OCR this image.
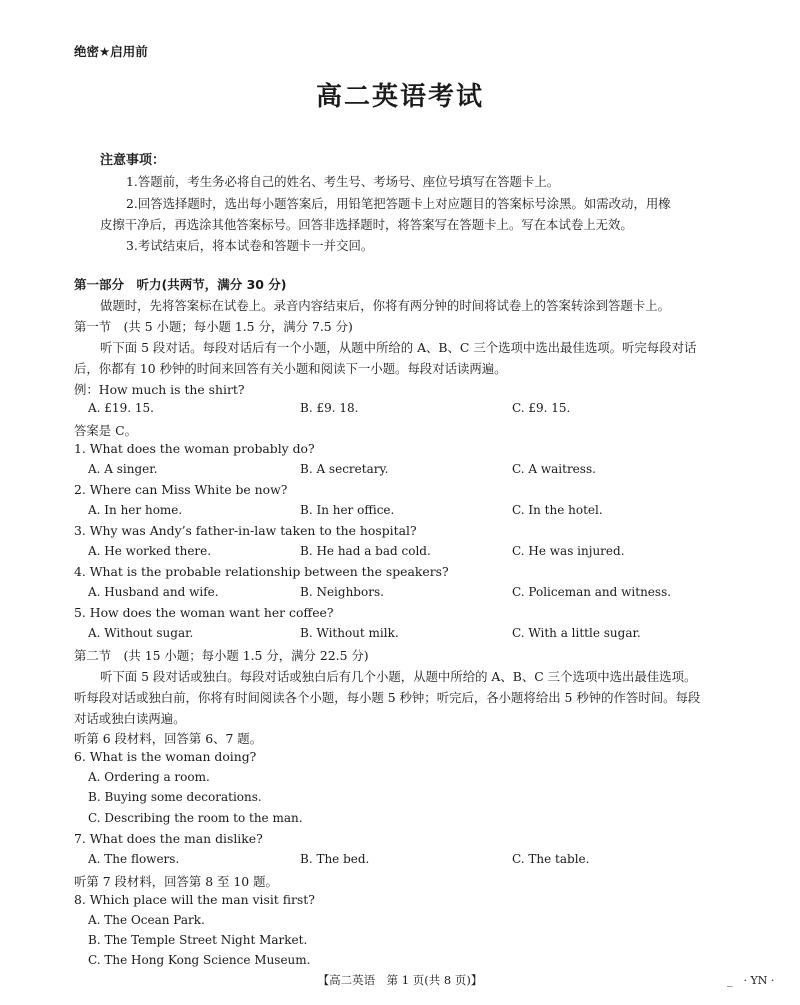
绝密★启用前
高二英语考试
注意事项：
1.答题前，考生务必将自己的姓名、考生号、考场号、座位号填写在答题卡上。
2.回答选择题时，选出每小题答案后，用铅笔把答题卡上对应题目的答案标号涂黑。如需改动，用橡
皮擦干净后，再选涂其他答案标号。回答非选择题时，将答案写在答题卡上。写在本试卷上无效。
3.考试结束后，将本试卷和答题卡一并交回。
第一部分　听力(共两节，满分 30 分)
做题时，先将答案标在试卷上。录音内容结束后，你将有两分钟的时间将试卷上的答案转涂到答题卡上。
第一节　(共 5 小题；每小题 1.5 分，满分 7.5 分)
听下面 5 段对话。每段对话后有一个小题，从题中所给的 A、B、C 三个选项中选出最佳选项。听完每段对话
后，你都有 10 秒钟的时间来回答有关小题和阅读下一小题。每段对话读两遍。
例：How much is the shirt?
A. £19. 15.	B. £9. 18.	C. £9. 15.
答案是 C。
1. What does the woman probably do?
A. A singer.	B. A secretary.	C. A waitress.
2. Where can Miss White be now?
A. In her home.	B. In her office.	C. In the hotel.
3. Why was Andy’s father-in-law taken to the hospital?
A. He worked there.	B. He had a bad cold.	C. He was injured.
4. What is the probable relationship between the speakers?
A. Husband and wife.	B. Neighbors.	C. Policeman and witness.
5. How does the woman want her coffee?
A. Without sugar.	B. Without milk.	C. With a little sugar.
第二节　(共 15 小题；每小题 1.5 分，满分 22.5 分)
听下面 5 段对话或独白。每段对话或独白后有几个小题，从题中所给的 A、B、C 三个选项中选出最佳选项。
听每段对话或独白前，你将有时间阅读各个小题，每小题 5 秒钟；听完后，各小题将给出 5 秒钟的作答时间。每段
对话或独白读两遍。
听第 6 段材料，回答第 6、7 题。
6. What is the woman doing?
A. Ordering a room.
B. Buying some decorations.
C. Describing the room to the man.
7. What does the man dislike?
A. The flowers.	B. The bed.	C. The table.
听第 7 段材料，回答第 8 至 10 题。
8. Which place will the man visit first?
A. The Ocean Park.
B. The Temple Street Night Market.
C. The Hong Kong Science Museum.
【高二英语　第 1 页(共 8 页)】	_　· YN ·
